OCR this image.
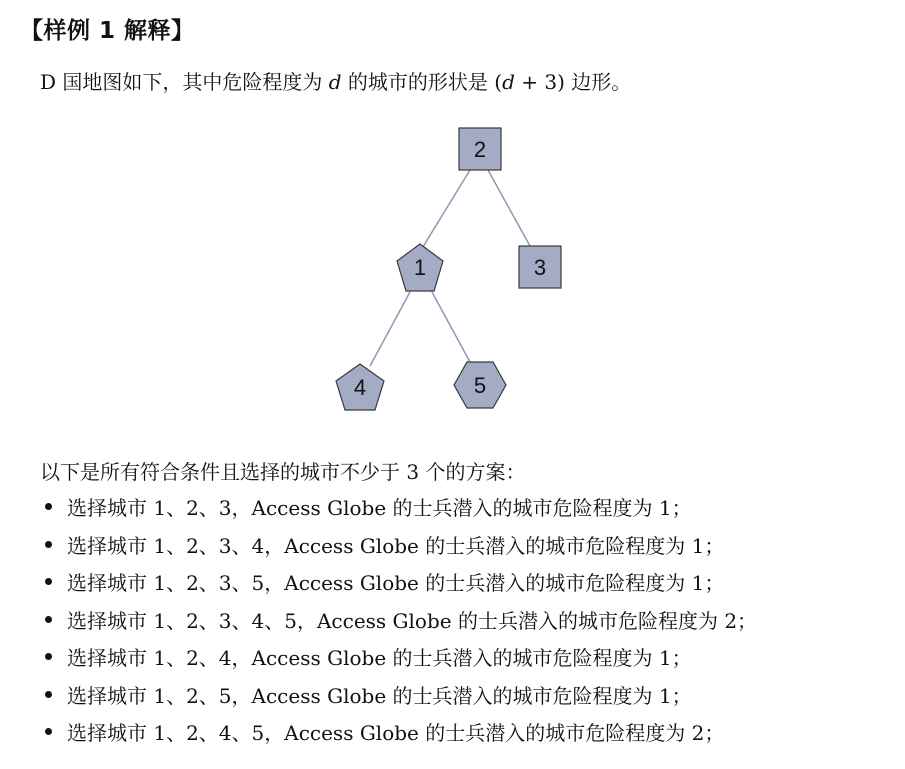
【样例 1 解释】
D 国地图如下，其中危险程度为 d 的城市的形状是 (d + 3) 边形。
2
1	3
4	5
以下是所有符合条件且选择的城市不少于 3 个的方案：
选择城市 1、2、3，Access Globe 的士兵潜入的城市危险程度为 1；
选择城市 1、2、3、4，Access Globe 的士兵潜入的城市危险程度为 1；
选择城市 1、2、3、5，Access Globe 的士兵潜入的城市危险程度为 1；
选择城市 1、2、3、4、5，Access Globe 的士兵潜入的城市危险程度为 2；
选择城市 1、2、4，Access Globe 的士兵潜入的城市危险程度为 1；
选择城市 1、2、5，Access Globe 的士兵潜入的城市危险程度为 1；
选择城市 1、2、4、5，Access Globe 的士兵潜入的城市危险程度为 2；
